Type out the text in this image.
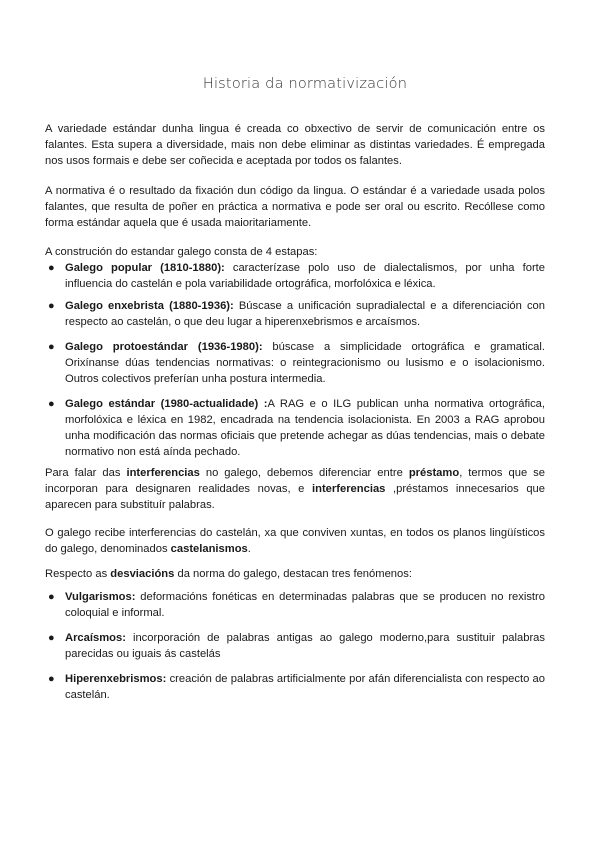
Historia da normativización

A variedade estándar dunha lingua é creada co obxectivo de servir de comunicación entre os falantes. Esta supera a diversidade, mais non debe eliminar as distintas variedades. É empregada nos usos formais e debe ser coñecida e aceptada por todos os falantes.

A normativa é o resultado da fixación dun código da lingua. O estándar é a variedade usada polos falantes, que resulta de poñer en práctica a normativa e pode ser oral ou escrito. Recóllese como forma estándar aquela que é usada maioritariamente.

A construción do estandar galego consta de 4 estapas:

● Galego popular (1810-1880): caracterízase polo uso de dialectalismos, por unha forte influencia do castelán e pola variabilidade ortográfica, morfolóxica e léxica.
● Galego enxebrista (1880-1936): Búscase a unificación supradialectal e a diferenciación con respecto ao castelán, o que deu lugar a hiperenxebrismos e arcaísmos.
● Galego protoestándar (1936-1980): búscase a simplicidade ortográfica e gramatical. Orixínanse dúas tendencias normativas: o reintegracionismo ou lusismo e o isolacionismo. Outros colectivos preferían unha postura intermedia.
● Galego estándar (1980-actualidade) :A RAG e o ILG publican unha normativa ortográfica, morfolóxica e léxica en 1982, encadrada na tendencia isolacionista. En 2003 a RAG aprobou unha modificación das normas oficiais que pretende achegar as dúas tendencias, mais o debate normativo non está aínda pechado.

Para falar das interferencias no galego, debemos diferenciar entre préstamo, termos que se incorporan para designaren realidades novas, e interferencias ,préstamos innecesarios que aparecen para substituír palabras.

O galego recibe interferencias do castelán, xa que conviven xuntas, en todos os planos lingüísticos do galego, denominados castelanismos.

Respecto as desviacións da norma do galego, destacan tres fenómenos:

● Vulgarismos: deformacións fonéticas en determinadas palabras que se producen no rexistro coloquial e informal.
● Arcaísmos: incorporación de palabras antigas ao galego moderno,para sustituir palabras parecidas ou iguais ás castelás
● Hiperenxebrismos: creación de palabras artificialmente por afán diferencialista con respecto ao castelán.
